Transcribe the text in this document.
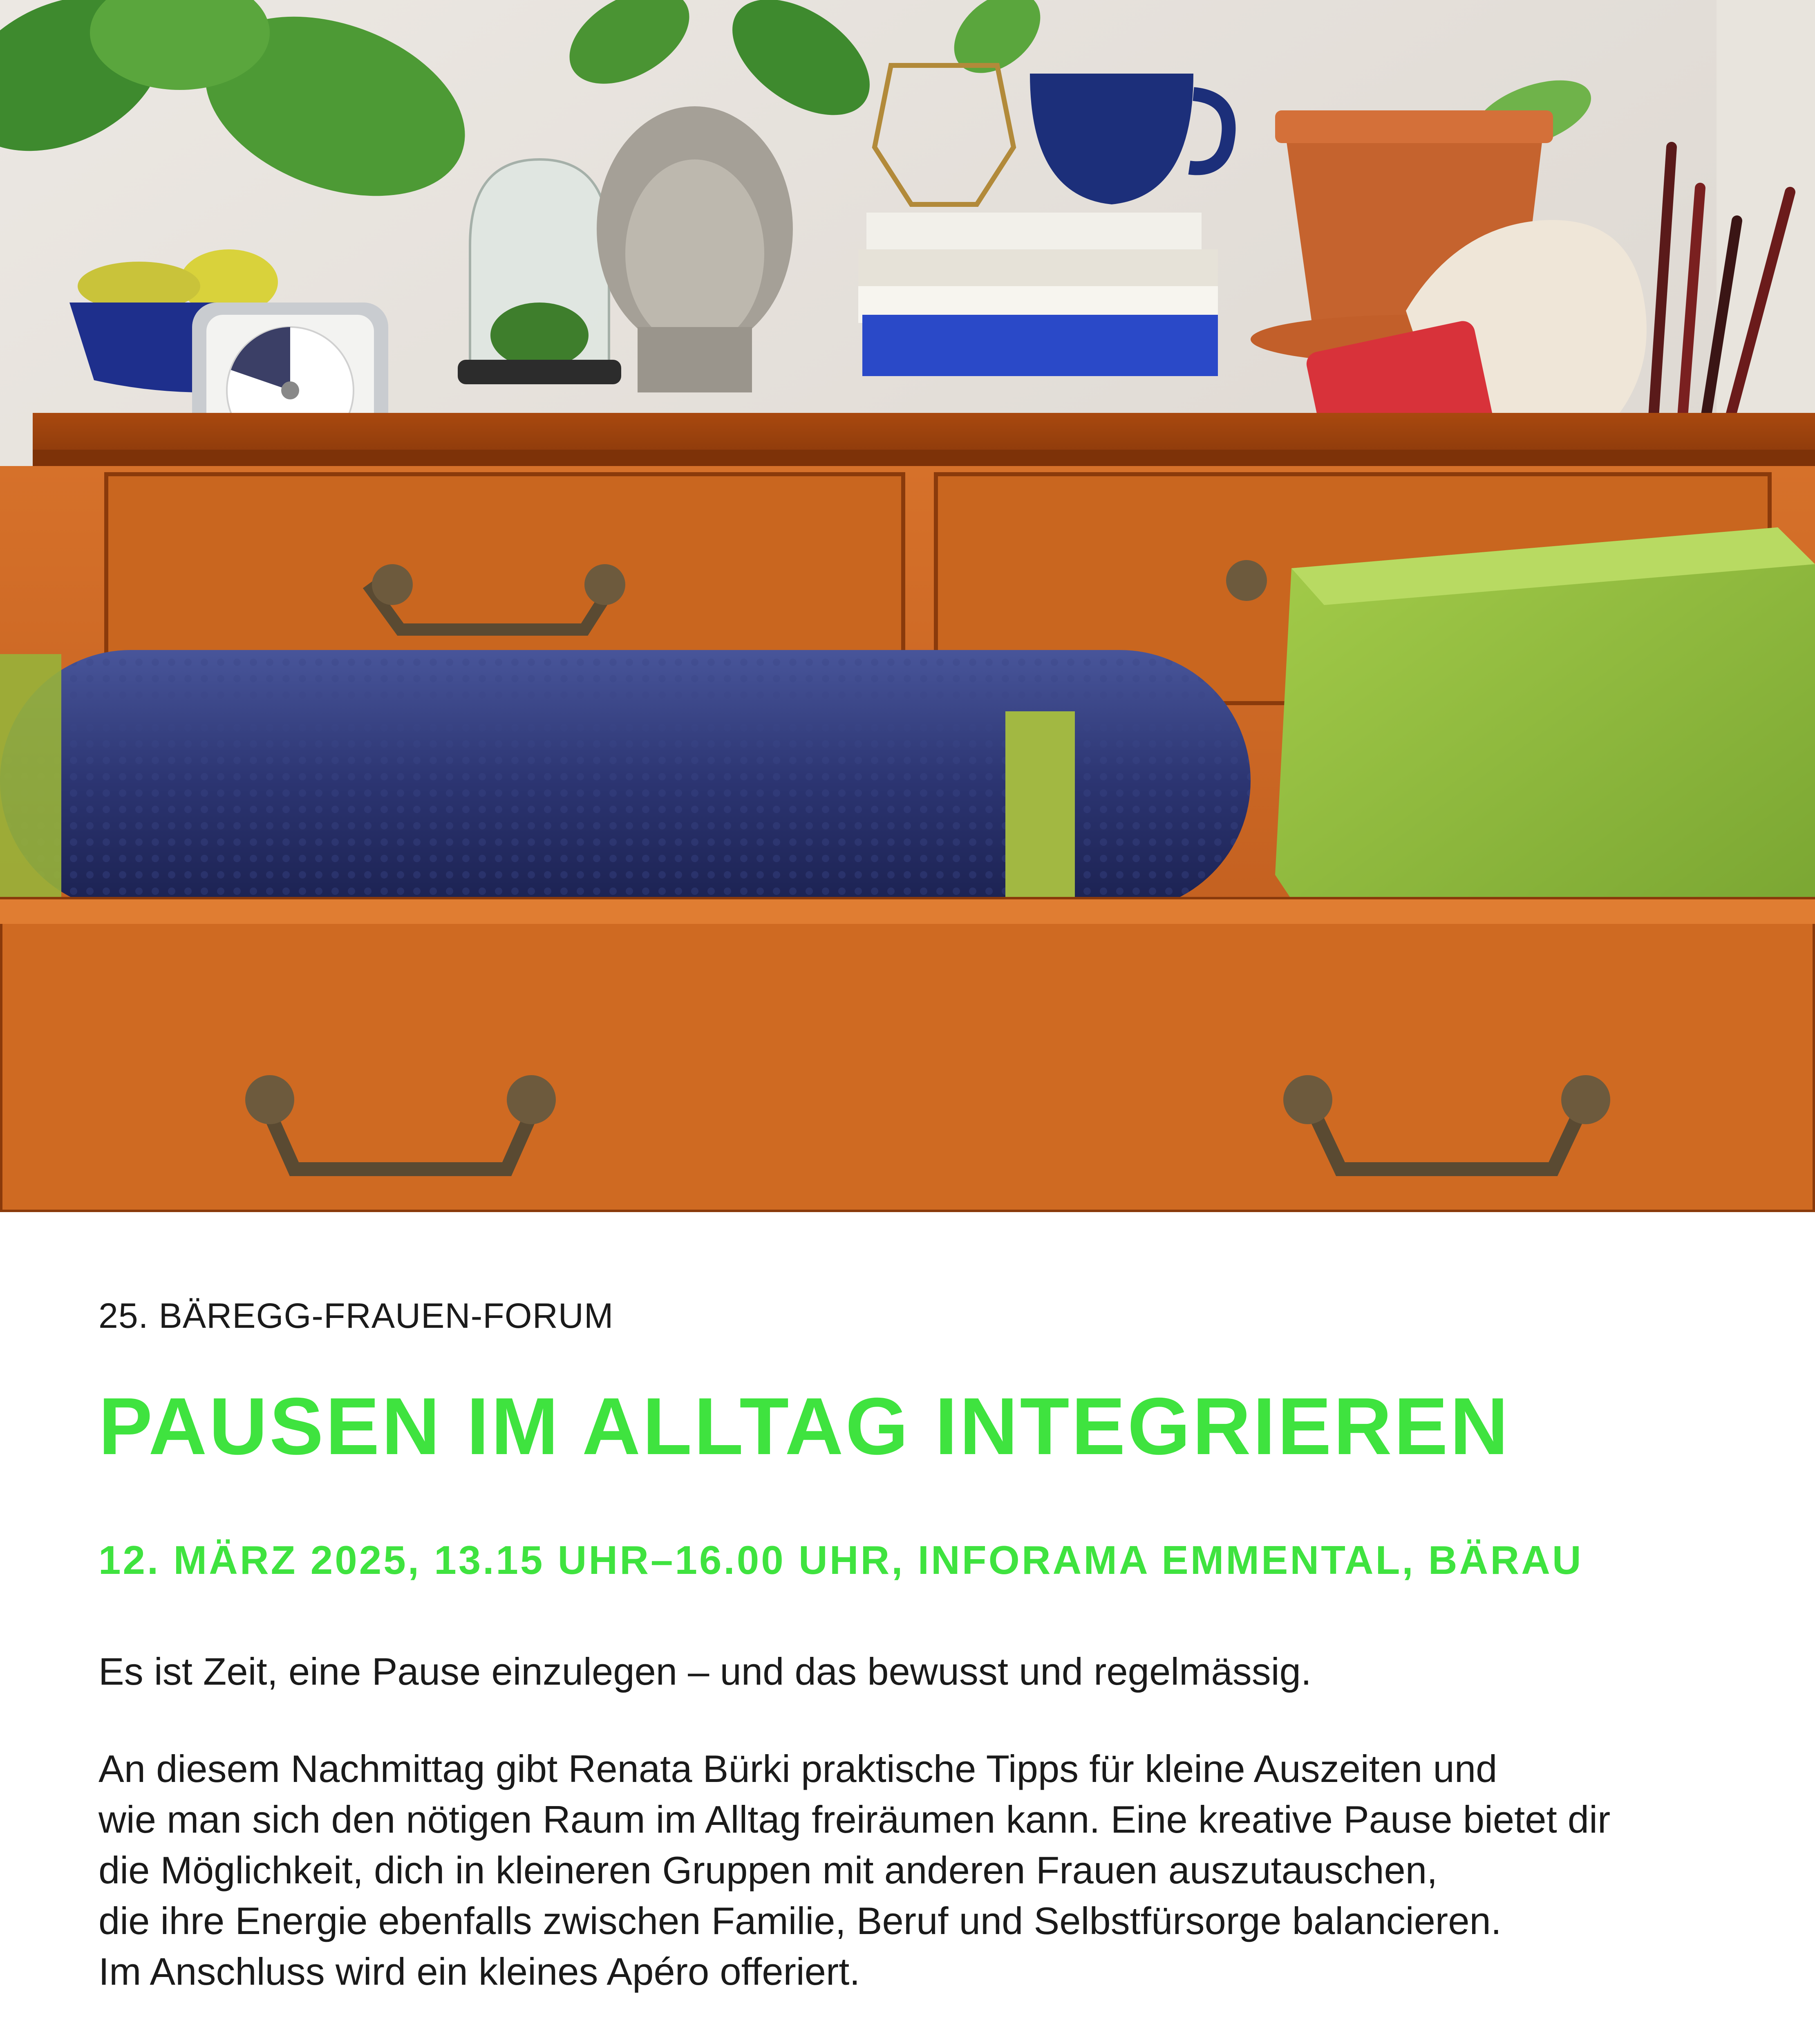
25. BÄREGG-FRAUEN-FORUM

PAUSEN IM ALLTAG INTEGRIEREN

12. MÄRZ 2025, 13.15 UHR–16.00 UHR, INFORAMA EMMENTAL, BÄRAU

Es ist Zeit, eine Pause einzulegen – und das bewusst und regelmässig.

An diesem Nachmittag gibt Renata Bürki praktische Tipps für kleine Auszeiten und
wie man sich den nötigen Raum im Alltag freiräumen kann. Eine kreative Pause bietet dir
die Möglichkeit, dich in kleineren Gruppen mit anderen Frauen auszutauschen,
die ihre Energie ebenfalls zwischen Familie, Beruf und Selbstfürsorge balancieren.
Im Anschluss wird ein kleines Apéro offeriert.
